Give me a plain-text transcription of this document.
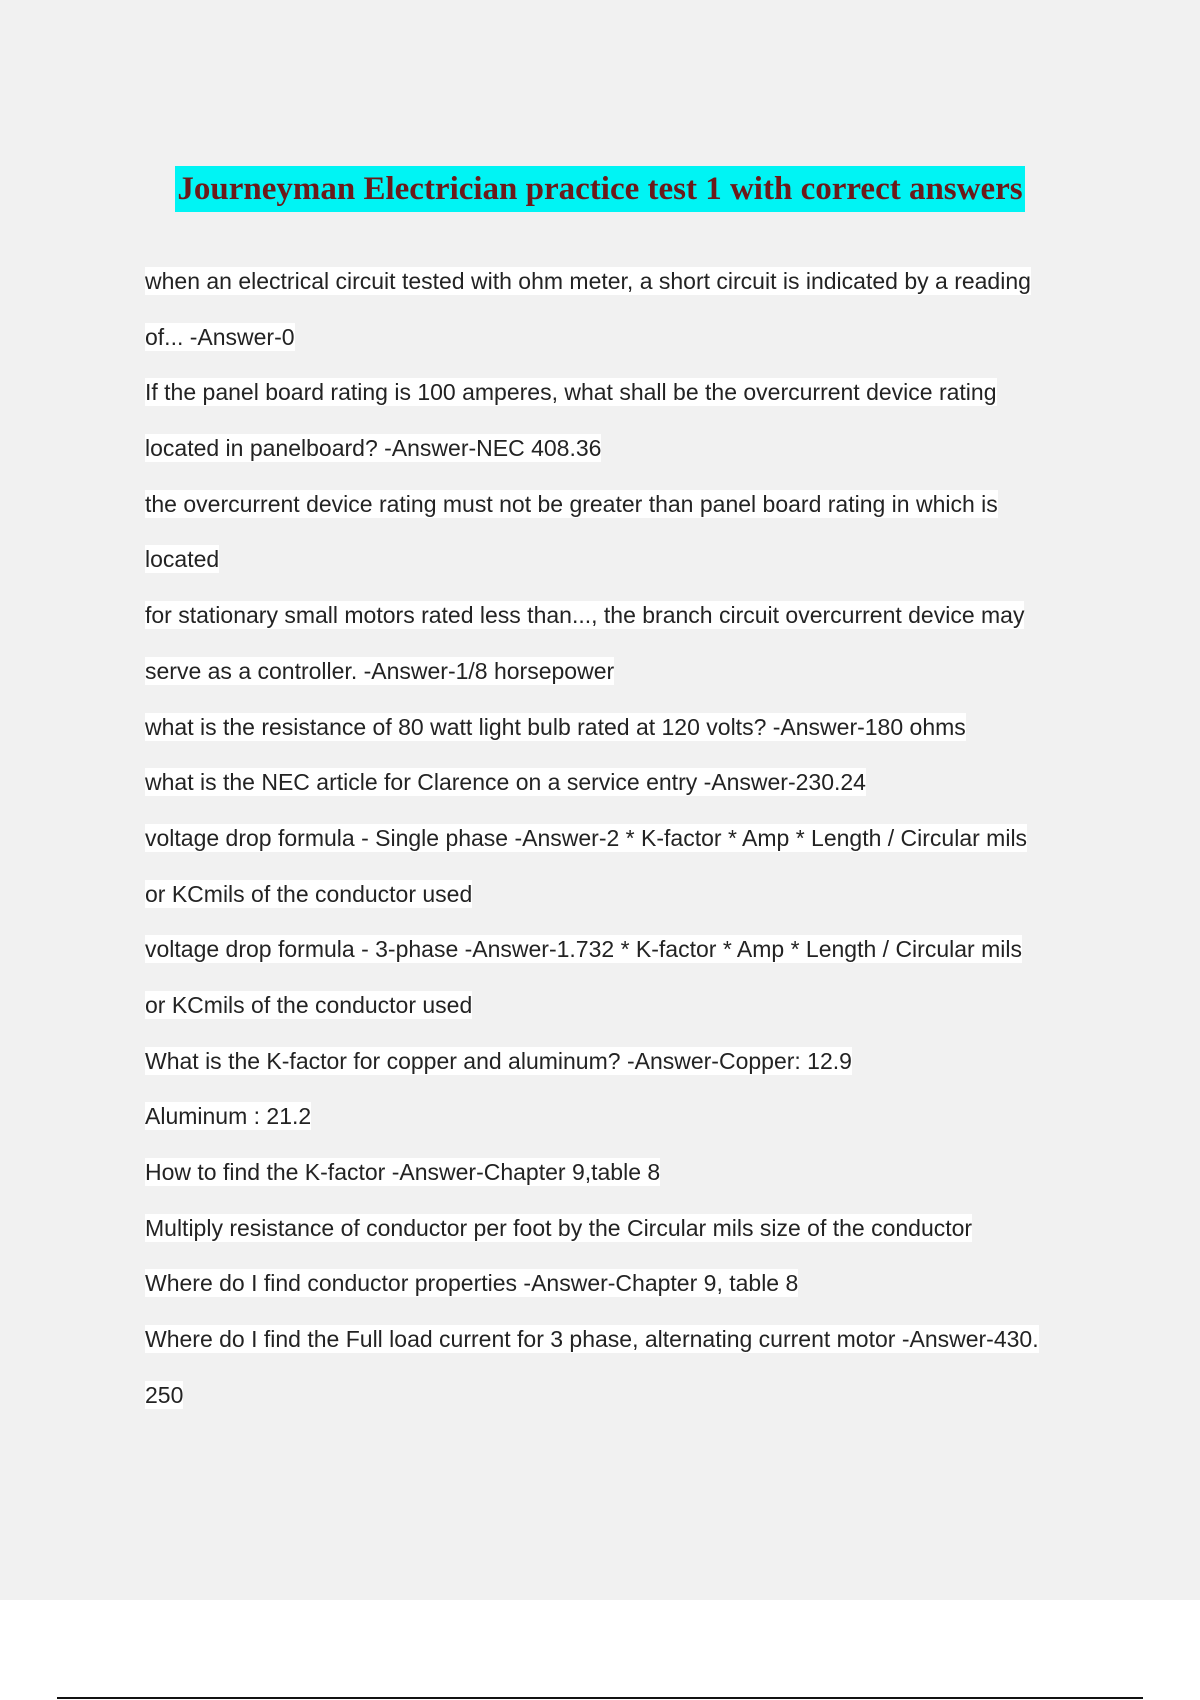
Journeyman Electrician practice test 1 with correct answers

when an electrical circuit tested with ohm meter, a short circuit is indicated by a reading

of... -Answer-0

If the panel board rating is 100 amperes, what shall be the overcurrent device rating

located in panelboard? -Answer-NEC 408.36

the overcurrent device rating must not be greater than panel board rating in which is

located

for stationary small motors rated less than..., the branch circuit overcurrent device may

serve as a controller. -Answer-1/8 horsepower

what is the resistance of 80 watt light bulb rated at 120 volts? -Answer-180 ohms

what is the NEC article for Clarence on a service entry -Answer-230.24

voltage drop formula - Single phase -Answer-2 * K-factor * Amp * Length / Circular mils

or KCmils of the conductor used

voltage drop formula - 3-phase -Answer-1.732 * K-factor * Amp * Length / Circular mils

or KCmils of the conductor used

What is the K-factor for copper and aluminum? -Answer-Copper: 12.9

Aluminum : 21.2

How to find the K-factor -Answer-Chapter 9,table 8

Multiply resistance of conductor per foot by the Circular mils size of the conductor

Where do I find conductor properties -Answer-Chapter 9, table 8

Where do I find the Full load current for 3 phase, alternating current motor -Answer-430.

250
